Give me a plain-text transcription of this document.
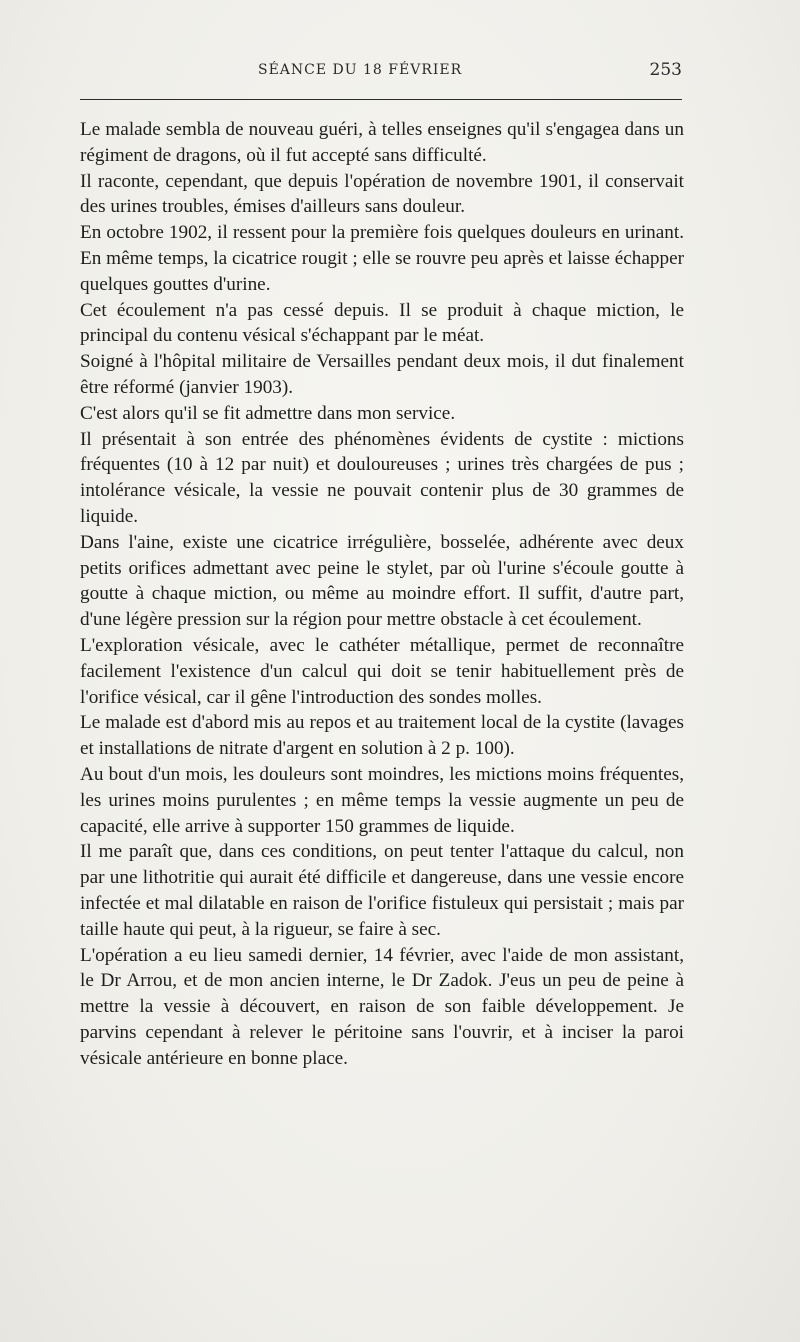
SÉANCE DU 18 FÉVRIER	253

Le malade sembla de nouveau guéri, à telles enseignes qu'il s'engagea dans un régiment de dragons, où il fut accepté sans difficulté.

Il raconte, cependant, que depuis l'opération de novembre 1901, il conservait des urines troubles, émises d'ailleurs sans douleur.

En octobre 1902, il ressent pour la première fois quelques douleurs en urinant. En même temps, la cicatrice rougit ; elle se rouvre peu après et laisse échapper quelques gouttes d'urine.

Cet écoulement n'a pas cessé depuis. Il se produit à chaque miction, le principal du contenu vésical s'échappant par le méat.

Soigné à l'hôpital militaire de Versailles pendant deux mois, il dut finalement être réformé (janvier 1903).

C'est alors qu'il se fit admettre dans mon service.

Il présentait à son entrée des phénomènes évidents de cystite : mictions fréquentes (10 à 12 par nuit) et douloureuses ; urines très chargées de pus ; intolérance vésicale, la vessie ne pouvait contenir plus de 30 grammes de liquide.

Dans l'aine, existe une cicatrice irrégulière, bosselée, adhérente avec deux petits orifices admettant avec peine le stylet, par où l'urine s'écoule goutte à goutte à chaque miction, ou même au moindre effort. Il suffit, d'autre part, d'une légère pression sur la région pour mettre obstacle à cet écoulement.

L'exploration vésicale, avec le cathéter métallique, permet de reconnaître facilement l'existence d'un calcul qui doit se tenir habituellement près de l'orifice vésical, car il gêne l'introduction des sondes molles.

Le malade est d'abord mis au repos et au traitement local de la cystite (lavages et installations de nitrate d'argent en solution à 2 p. 100).

Au bout d'un mois, les douleurs sont moindres, les mictions moins fréquentes, les urines moins purulentes ; en même temps la vessie augmente un peu de capacité, elle arrive à supporter 150 grammes de liquide.

Il me paraît que, dans ces conditions, on peut tenter l'attaque du calcul, non par une lithotritie qui aurait été difficile et dangereuse, dans une vessie encore infectée et mal dilatable en raison de l'orifice fistuleux qui persistait ; mais par taille haute qui peut, à la rigueur, se faire à sec.

L'opération a eu lieu samedi dernier, 14 février, avec l'aide de mon assistant, le Dr Arrou, et de mon ancien interne, le Dr Zadok. J'eus un peu de peine à mettre la vessie à découvert, en raison de son faible développement. Je parvins cependant à relever le péritoine sans l'ouvrir, et à inciser la paroi vésicale antérieure en bonne place.
